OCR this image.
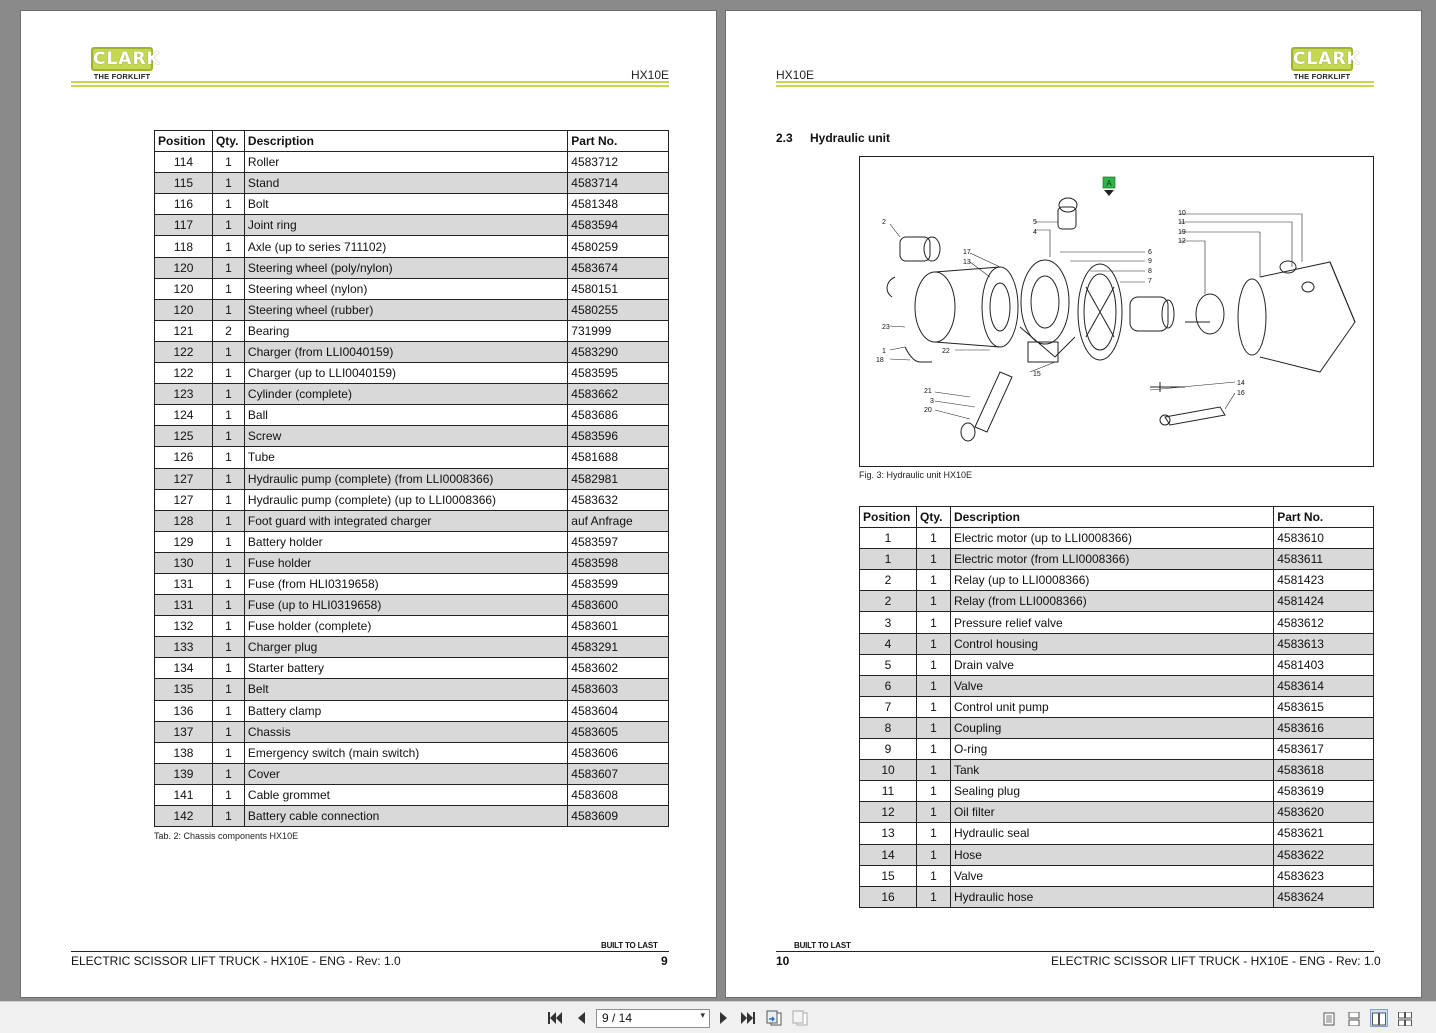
CLARK
THE FORKLIFT	HX10E
Position	Qty.	Description	Part No.
114	1	Roller	4583712
115	1	Stand	4583714
116	1	Bolt	4581348
117	1	Joint ring	4583594
118	1	Axle (up to series 711102)	4580259
120	1	Steering wheel (poly/nylon)	4583674
120	1	Steering wheel (nylon)	4580151
120	1	Steering wheel (rubber)	4580255
121	2	Bearing	731999
122	1	Charger (from LLI0040159)	4583290
122	1	Charger (up to LLI0040159)	4583595
123	1	Cylinder (complete)	4583662
124	1	Ball	4583686
125	1	Screw	4583596
126	1	Tube	4581688
127	1	Hydraulic pump (complete) (from LLI0008366)	4582981
127	1	Hydraulic pump (complete) (up to LLI0008366)	4583632
128	1	Foot guard with integrated charger	auf Anfrage
129	1	Battery holder	4583597
130	1	Fuse holder	4583598
131	1	Fuse (from HLI0319658)	4583599
131	1	Fuse (up to HLI0319658)	4583600
132	1	Fuse holder (complete)	4583601
133	1	Charger plug	4583291
134	1	Starter battery	4583602
135	1	Belt	4583603
136	1	Battery clamp	4583604
137	1	Chassis	4583605
138	1	Emergency switch (main switch)	4583606
139	1	Cover	4583607
141	1	Cable grommet	4583608
142	1	Battery cable connection	4583609
Tab. 2: Chassis components HX10E
BUILT TO LAST
ELECTRIC SCISSOR LIFT TRUCK - HX10E - ENG - Rev: 1.0	9
HX10E
CLARK
THE FORKLIFT
2.3 Hydraulic unit
A
2	5
4
17
13
10
11
19
12
6
9
8
7
23
1
18
22
15
21
3
20
14
16
Fig. 3: Hydraulic unit HX10E
Position	Qty.	Description	Part No.
1	1	Electric motor (up to LLI0008366)	4583610
1	1	Electric motor (from LLI0008366)	4583611
2	1	Relay (up to LLI0008366)	4581423
2	1	Relay (from LLI0008366)	4581424
3	1	Pressure relief valve	4583612
4	1	Control housing	4583613
5	1	Drain valve	4581403
6	1	Valve	4583614
7	1	Control unit pump	4583615
8	1	Coupling	4583616
9	1	O-ring	4583617
10	1	Tank	4583618
11	1	Sealing plug	4583619
12	1	Oil filter	4583620
13	1	Hydraulic seal	4583621
14	1	Hose	4583622
15	1	Valve	4583623
16	1	Hydraulic hose	4583624
BUILT TO LAST
10	ELECTRIC SCISSOR LIFT TRUCK - HX10E - ENG - Rev: 1.0
9 / 14	▾
